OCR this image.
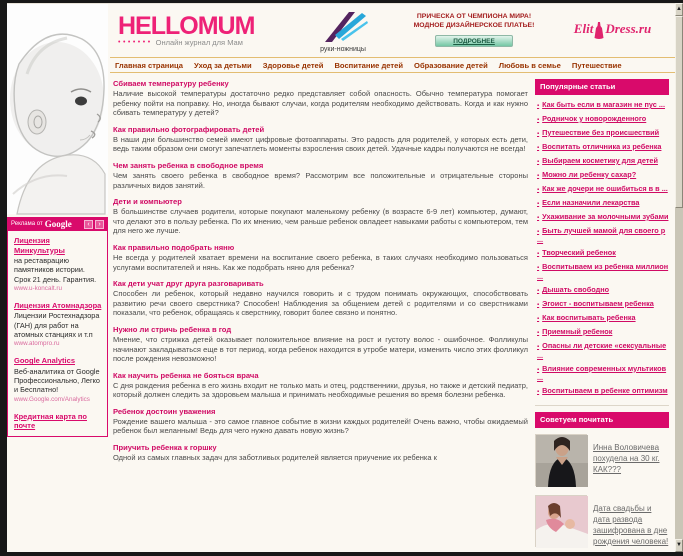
Реклама от Google	‹	›
Лицензия Минкультуры
на реставрацию памятников истории. Срок 21 день. Гарантия.
www.u-koncalt.ru
Лицензия Атомнадзора
Лицензии Ростехнадзора (ГАН) для работ на атомных станциях и т.п
www.atompro.ru
Google Analytics
Веб-аналитика от Google Профессионально, Легко и Бесплатно!
www.Google.com/Analytics
Кредитная карта по почте
HELLOMUM
••••••• Онлайн журнал для Мам
руки-ножницы
ПРИЧЕСКА ОТ ЧЕМПИОНА МИРА!
МОДНОЕ ДИЗАЙНЕРСКОЕ ПЛАТЬЕ!
ПОДРОБНЕЕ
Elit Dress.ru
Главная страница Уход за детьми Здоровье детей Воспитание детей Образование детей Любовь в семье Путешествие
Сбиваем температуру ребенку

Наличие высокой температуры достаточно редко представляет собой опасность. Обычно температура помогает ребенку пойти на поправку. Но, иногда бывают случаи, когда родителям необходимо действовать. Когда и как нужно сбивать температуру у детей?

Как правильно фотографировать детей

В наши дни большинство семей имеют цифровые фотоаппараты. Это радость для родителей, у которых есть дети, ведь таким образом они смогут запечатлеть моменты взросления своих детей. Удачные кадры получаются не всегда!

Чем занять ребенка в свободное время

Чем занять своего ребенка в свободное время? Рассмотрим все положительные и отрицательные стороны различных видов занятий.

Дети и компьютер

В большинстве случаев родители, которые покупают маленькому ребенку (в возрасте 6-9 лет) компьютер, думают, что делают это в пользу ребенка. По их мнению, чем раньше ребенок овладеет навыками работы с компьютером, тем для него же лучше.

Как правильно подобрать няню

Не всегда у родителей хватает времени на воспитание своего ребенка, в таких случаях необходимо пользоваться услугами воспитателей и нянь. Как же подобрать няню для ребенка?

Как дети учат друг друга разговаривать

Способен ли ребенок, который недавно научился говорить и с трудом понимать окружающих, способствовать развитию речи своего сверстника? Способен! Наблюдения за общением детей с родителями и со сверстниками показали, что ребенок, обращаясь к сверстнику, говорит более связно и понятно.

Нужно ли стричь ребенка в год

Мнение, что стрижка детей оказывает положительное влияние на рост и густоту волос - ошибочное. Фолликулы начинают закладываться еще в тот период, когда ребенок находится в утробе матери, изменить число этих фолликул после рождения невозможно!

Как научить ребенка не бояться врача

С дня рождения ребенка в его жизнь входит не только мать и отец, родственники, друзья, но также и детский педиатр, который должен следить за здоровьем малыша и принимать необходимые решения во время болезни ребенка.

Ребенок достоин уважения

Рождение вашего малыша - это самое главное событие в жизни каждых родителей! Очень важно, чтобы ожидаемый ребенок был желанным! Ведь для чего нужно давать новую жизнь?

Приучить ребенка к горшку

Одной из самых главных задач для заботливых родителей является приучение их ребенка к

Популярные статьи
▪ Как быть если в магазин не пус ...
▪ Родничок у новорожденного
▪ Путешествие без происшествий
▪ Воспитать отличника из ребенка
▪ Выбираем косметику для детей
▪ Можно ли ребенку сахар?
▪ Как же дочери не ошибиться в в ...
▪ Если назначили лекарства
▪ Ухаживание за молочными зубами
▪ Быть лучшей мамой для своего р ...
▪ Творческий ребенок
▪ Воспитываем из ребенка миллион ...
▪ Дышать свободно
▪ Эгоист - воспитываем ребенка
▪ Как воспитывать ребенка
▪ Приемный ребенок
▪ Опасны ли детские «сексуальные ...
▪ Влияние современных мультиков ...
▪ Воспитываем в ребенке оптимизм
Советуем почитать
Инна Воловичева похудела на 30 кг. КАК???
Дата свадьбы и дата развода зашифрована в дне рождения человека!
▲
▼
